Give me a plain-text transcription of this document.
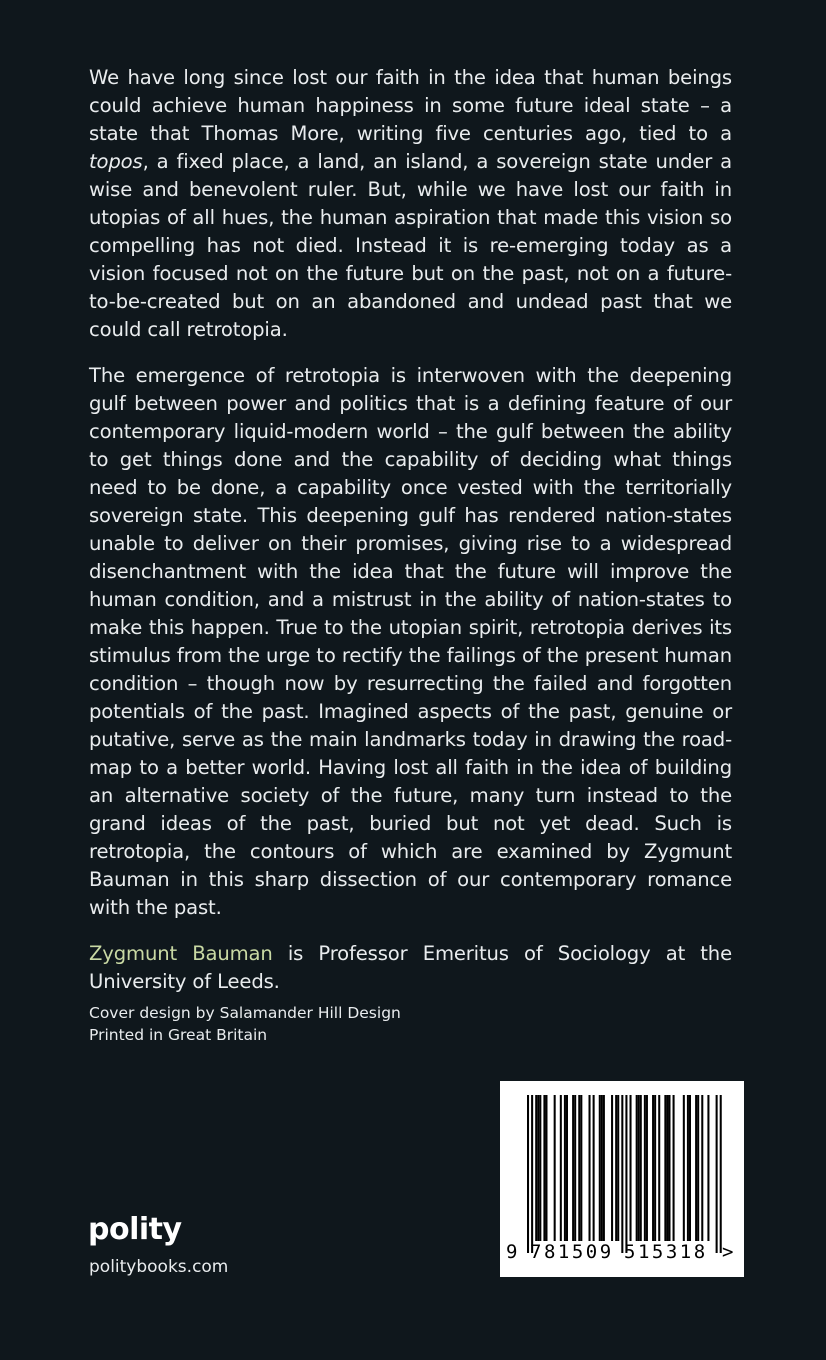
We have long since lost our faith in the idea that human beings could achieve human happiness in some future ideal state – a state that Thomas More, writing five centuries ago, tied to a topos, a fixed place, a land, an island, a sovereign state under a wise and benevolent ruler. But, while we have lost our faith in utopias of all hues, the human aspiration that made this vision so compelling has not died. Instead it is re-emerging today as a vision focused not on the future but on the past, not on a future-to-be-created but on an abandoned and undead past that we could call retrotopia.

The emergence of retrotopia is interwoven with the deepening gulf between power and politics that is a defining feature of our contemporary liquid-modern world – the gulf between the ability to get things done and the capability of deciding what things need to be done, a capability once vested with the territorially sovereign state. This deepening gulf has rendered nation-states unable to deliver on their promises, giving rise to a widespread disenchantment with the idea that the future will improve the human condition, and a mistrust in the ability of nation-states to make this happen. True to the utopian spirit, retrotopia derives its stimulus from the urge to rectify the failings of the present human condition – though now by resurrecting the failed and forgotten potentials of the past. Imagined aspects of the past, genuine or putative, serve as the main landmarks today in drawing the road-map to a better world. Having lost all faith in the idea of building an alternative society of the future, many turn instead to the grand ideas of the past, buried but not yet dead. Such is retrotopia, the contours of which are examined by Zygmunt Bauman in this sharp dissection of our contemporary romance with the past.

Zygmunt Bauman is Professor Emeritus of Sociology at the University of Leeds.

Cover design by Salamander Hill Design
Printed in Great Britain
polity
politybooks.com
9 781509 515318 >
